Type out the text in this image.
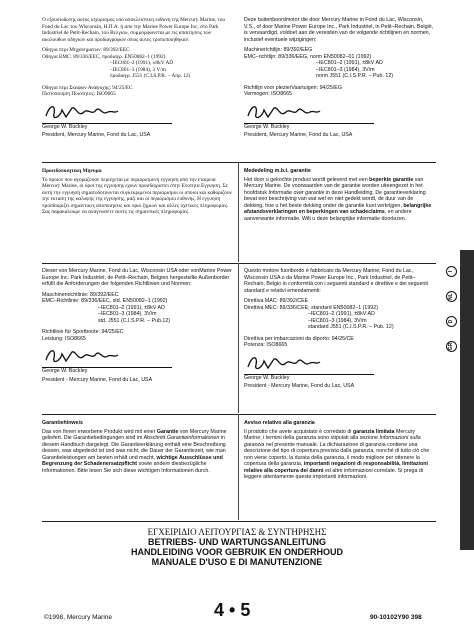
Ο εξουσιοδοτης αυτος ισχυρισμος υπο αποκλειστικη ευθυνη της Mercury Marine, του Fond du Lac του Wisconsin, Η.Π.Α. ή απο την Marine Power Europe Inc, στο Park Industriel de Petit-Rechain, του Βελγιου, συμμορφωνεται με τις απαιτησεις των ακολουθων οδηγιων και πρoδιαγραφων οπως αυτες τροποποιηθηκαν:

Οδηγια περι Μηχανηματων: 89/392/EEC

Οδηγια EMC: 89/336/EEC, προδιαγρ. EN50082–1 (1992)

–IEC801–2 (1991), ±8kV AD

–IEC801–3 (1984), 3 V/m

προδιαγρ. J551 (C.I.S.P.R. – Απρ. 12)

Οδηγια περι Σκαφων Αναψυχης: 94/25/EC

Πιστοποιηση Ποιοτητος: ISO9665

George W. Buckley

President, Mercury Marine, Fond du Lac, USA

Deze buitenboordmotor die door Mercury Marine in Fond du Lac, Wisconsin, V.S., of door Marine Power Europe Inc., Park Industriel, in Petit–Rechain, België, is vervaardigd, voldoet aan de vereisten van de volgende richtlijnen en normen, inclusief eventuele wijzigingen:

Machinerichtlijn: 89/392/EEG

EMC–richtlijn: 89/336/EEG, norm EN50082–01 (1992)

–IEC801–2 (1991), ±8kV AD

–IEC801–3 (1984), 3V/m

norm J551 (C.I.S.P.R. – Pub. 12)

Richtlijn voor plezierVaartuigen: 94/25/EG

Vermogen: ISO8665

George W. Buckley

President, Mercury Marine, Fond du Lac, USA

Προειδοποιητικη Μηνυμα

Το προιον που αγοραζουσε περιέχεται με περιορισμενη εγγυηση από την εταιρεια Mercury Marine, οι όροι της εγγυησης εχουν προσδιοριστει στην Ενοτητα Εγγυηση. Σε αυτή την εγγύηση σηματοδοτουνται συγκεκριμενοι περιορισμοι οι οποιοι και καθοριζουν την εκταση της καλυψης της εγγυησης, μαζι και οι περιορισμοι ευθυνης. Η εγγυηση προσδιοριζει σημαντικες αποποιησεις και οριο ζημιων και αλλες σχετικες πληροφοριες. Σας παρακαλουμε να αναγνωσετε αυτές τις σημαντικές πληροφορίες.

Mededeling m.b.t. garantie

Het door u gekochte product wordt geleverd met een beperkte garantie van Mercury Marine. De voorwaarden van de garantie worden uiteengezet in het hoofdstuk Informatie over garantie in deze Handleiding. De garantieverklaring bevat een beschrijving van wat wel en niet gedekt wordt, de duur van de dekking, hoe u het beste dekking onder de garantie kunt verkrijgen, belangrijke afstandsverklaringen en beperkingen van schadeclaims, en andere aanverwante informatie. Wilt u deze belangrijke informatie doorlezen.

Dieser von Mercury Marine, Fond du Lac, Wisconsin USA oder vonMarine Power Europe Inc. Park Industriel, de Petit–Rechain, Belgien hergestellte Außenborder erfüllt die Anforderungen der folgenden Richtlinien und Normen:

Maschinenrichtlinie: 89/392/EEC

EMC–Richtlinie: 89/336/EEC, std. EN50082–1 (1992)

–IEC801–2 (1991), ±8kV AD

–IEC801–3 (1984), 3V/m

std. J551 (C.I.S.P.R. – Pub.12)

Richtlinie für Sportboote: 94/25/EC

Leistung: ISO8665

George W. Buckley

President - Mercury Marine, Fond du Lac, USA

Questo motore fuoribordo è fabbricato da Mercury Marine, Fond du Lac, Wisconsin USA o da Marine Power Europe Inc., Park Industriel, de Petit–Rechain, Belgio in conformità con i seguenti standard e direttive e dei seguenti standard e relativi emendamenti:

Direttiva MAC: 89/392/CEE

Direttiva MEC: 89/336/CEE; standard EN50082–1 (1992)

–IEC801–2 (1991), ±8kV AD

–IEC801–3 (1984), 3V/m

standard J551 (C.I.S.P.R. – Pub. 12)

Direttiva per imbarcazioni da diporto: 94/25/CE

Potenza: ISO8665

George W. Buckley

President - Mercury Marine, Fond du Lac, USA

Garantiehinweis

Das von Ihnen erworbene Produkt wird mit einer Garantie von Mercury Marine geliefert. Die Garantiebedingungen sind im Abschnitt Garantieinformationen in diesem Handbuch dargelegt. Die Garantieerklärung enthält eine Beschreibung dessen, was abgedeckt ist und was nicht, die Dauer der Garantiezeit, wie man Garantieleistungen am besten erhält und macht, wichtige Ausschlüsse und Begrenzung der Schadenersatzpflicht sowie andere diesbezügliche Informationen. Bitte lesen Sie sich diese wichtigen Informationen durch.

Avviso relativo alla garanzia

Il prodotto che avete acquistato è corredato di garanzia limitata Mercury Marine; i termini della garanzia sono stipulati alla sezione Informazioni sulla garanzia nel presente manuale. La dichiarazione di garanzia contiene una descrizione del tipo di copertura prevista dalla garanzia, nonché di tutto ciò che non viene coperto, la durata della garanzia, il modo migliore per ottenere la copertura della garanzia, importanti negazioni di responsabilità, limitazioni relative alla copertura dei danni ed altre informazioni correlate. Si prega di leggere attentamente queste importanti informazioni.

ΕΓΧΕΙΡΙΔΙΟ ΛΕΙΤΟΥΡΓΙΑΣ & ΣΥΝΤΗΡΗΣΗΣ
BETRIEBS- UND WARTUNGSANLEITUNG
HANDLEIDING VOOR GEBRUIK EN ONDERHOUD
MANUALE D'USO E DI MANUTENZIONE
4 • 5
©1998, Mercury Marine	90-10102Y90 398
I
NL
D
GR
